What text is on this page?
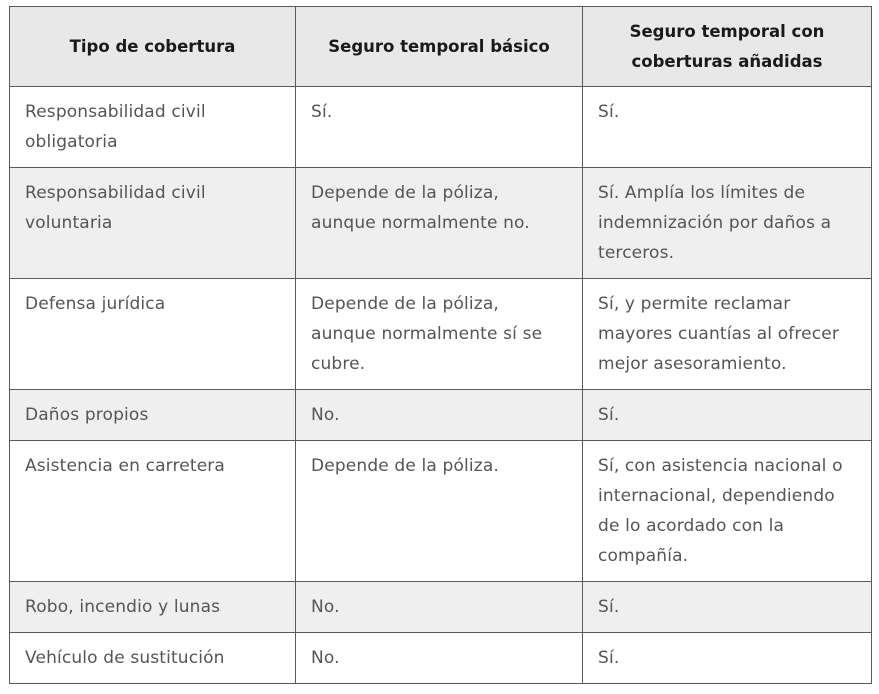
Tipo de cobertura	Seguro temporal básico	Seguro temporal con coberturas añadidas
Responsabilidad civil obligatoria	Sí.	Sí.
Responsabilidad civil voluntaria	Depende de la póliza, aunque normalmente no.	Sí. Amplía los límites de indemnización por daños a terceros.
Defensa jurídica	Depende de la póliza, aunque normalmente sí se cubre.	Sí, y permite reclamar mayores cuantías al ofrecer mejor asesoramiento.
Daños propios	No.	Sí.
Asistencia en carretera	Depende de la póliza.	Sí, con asistencia nacional o internacional, dependiendo de lo acordado con la compañía.
Robo, incendio y lunas	No.	Sí.
Vehículo de sustitución	No.	Sí.
